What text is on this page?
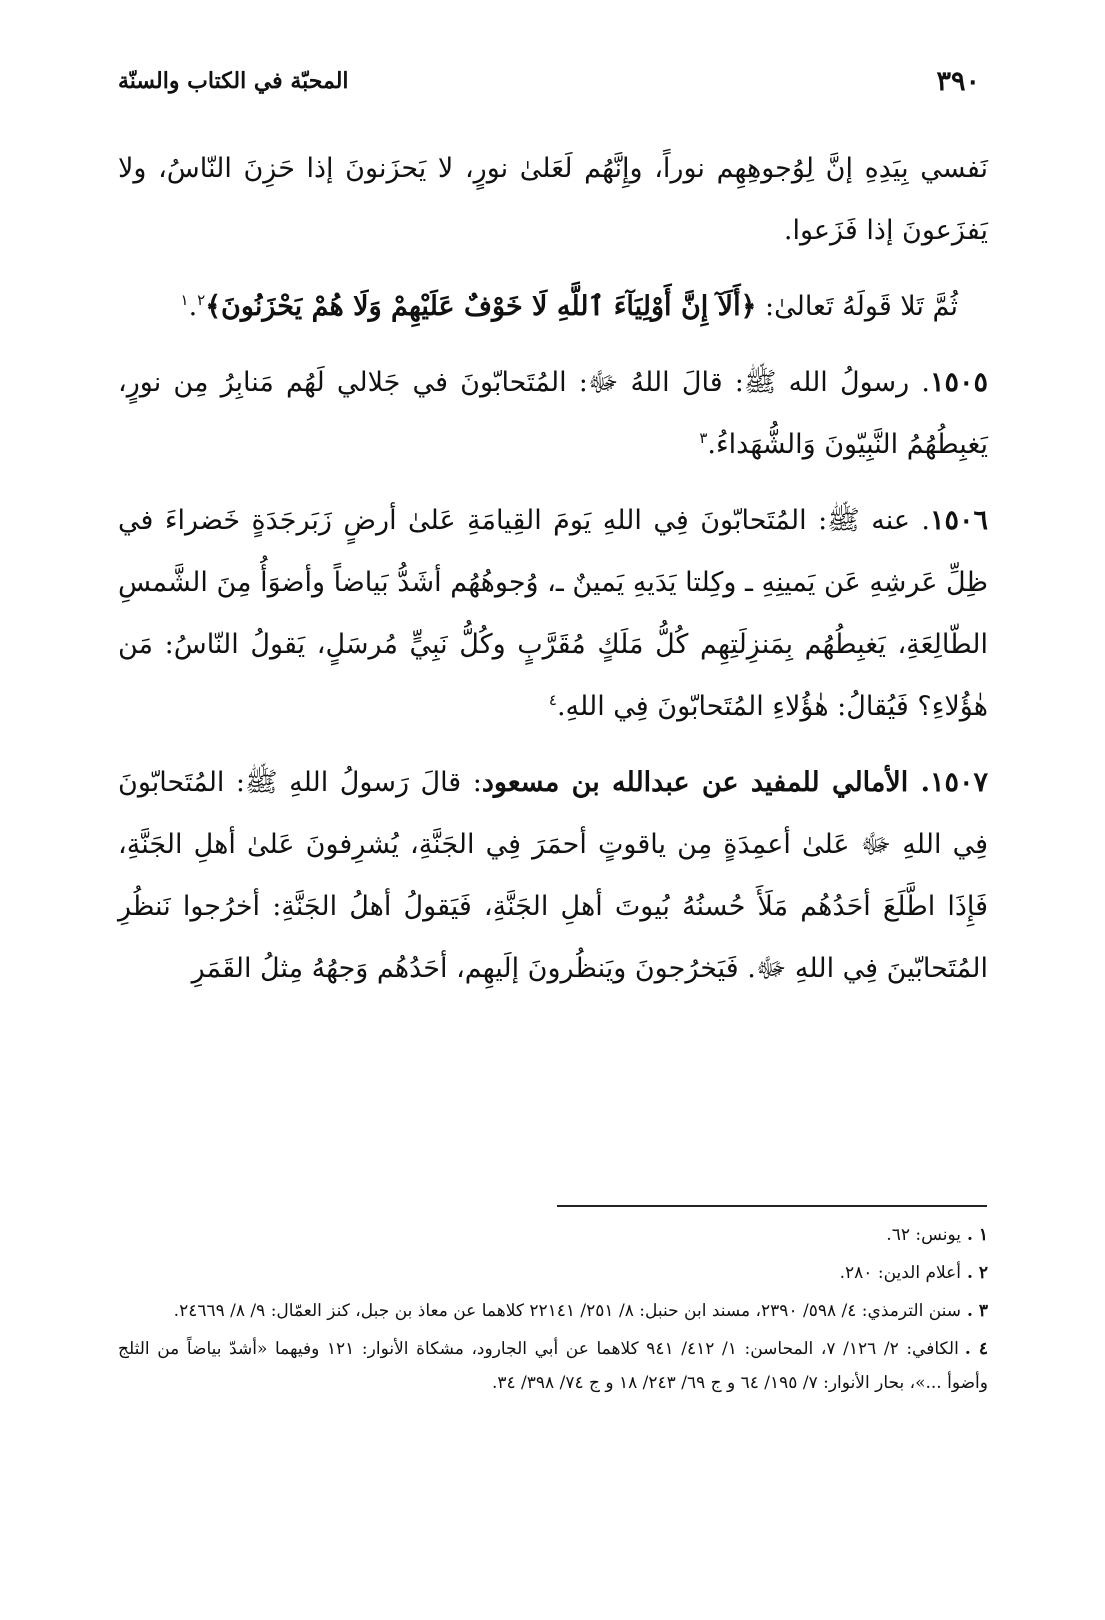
٣٩٠
المحبّة في الكتاب والسنّة

نَفسي بِيَدِهِ إنَّ لِوُجوهِهِم نوراً، وإِنَّهُم لَعَلىٰ نورٍ، لا يَحزَنونَ إذا حَزِنَ النّاسُ، ولا يَفزَعونَ إذا فَزَعوا.

ثُمَّ تَلا قَولَهُ تَعالىٰ: ﴿أَلَآ إِنَّ أَوْلِيَآءَ ٱللَّهِ لَا خَوْفٌ عَلَيْهِمْ وَلَا هُمْ يَحْزَنُونَ﴾$^١$.$^٢$

١٥٠٥. رسولُ الله ﷺ: قالَ اللهُ ﷻ: المُتَحابّونَ في جَلالي لَهُم مَنابِرُ مِن نورٍ، يَغبِطُهُمُ النَّبِيّونَ وَالشُّهَداءُ.$^٣$

١٥٠٦. عنه ﷺ: المُتَحابّونَ فِي اللهِ يَومَ القِيامَةِ عَلىٰ أرضٍ زَبَرجَدَةٍ خَضراءَ في ظِلِّ عَرشِهِ عَن يَمينِهِ ـ وكِلتا يَدَيهِ يَمينٌ ـ، وُجوهُهُم أشَدُّ بَياضاً وأضوَأُ مِنَ الشَّمسِ الطّالِعَةِ، يَغبِطُهُم بِمَنزِلَتِهِم كُلُّ مَلَكٍ مُقَرَّبٍ وكُلُّ نَبِيٍّ مُرسَلٍ، يَقولُ النّاسُ: مَن هٰؤُلاءِ؟ فَيُقالُ: هٰؤُلاءِ المُتَحابّونَ فِي اللهِ.$^٤$

١٥٠٧. الأمالي للمفيد عن عبدالله بن مسعود: قالَ رَسولُ اللهِ ﷺ: المُتَحابّونَ فِي اللهِ ﷻ عَلىٰ أعمِدَةٍ مِن ياقوتٍ أحمَرَ فِي الجَنَّةِ، يُشرِفونَ عَلىٰ أهلِ الجَنَّةِ، فَإِذَا اطَّلَعَ أحَدُهُم مَلَأَ حُسنُهُ بُيوتَ أهلِ الجَنَّةِ، فَيَقولُ أهلُ الجَنَّةِ: أخرُجوا نَنظُرِ المُتَحابّينَ فِي اللهِ ﷻ. فَيَخرُجونَ ويَنظُرونَ إلَيهِم، أحَدُهُم وَجهُهُ مِثلُ القَمَرِ

١ .يونس: ٦٢.

٢ .أعلام الدين: ٢٨٠.

٣ .سنن الترمذي: ٤/ ٥٩٨/ ٢٣٩٠، مسند ابن حنبل: ٨/ ٢٥١/ ٢٢١٤١ كلاهما عن معاذ بن جبل، كنز العمّال: ٩/ ٨/ ٢٤٦٦٩.

٤ .الكافي: ٢/ ١٢٦/ ٧، المحاسن: ١/ ٤١٢/ ٩٤١ كلاهما عن أبي الجارود، مشكاة الأنوار: ١٢١ وفيهما «أشدّ بياضاً من الثلج وأضوأ ...»، بحار الأنوار: ٧/ ١٩٥/ ٦٤ و ج ٦٩/ ٢٤٣/ ١٨ و ج ٧٤/ ٣٩٨/ ٣٤.
